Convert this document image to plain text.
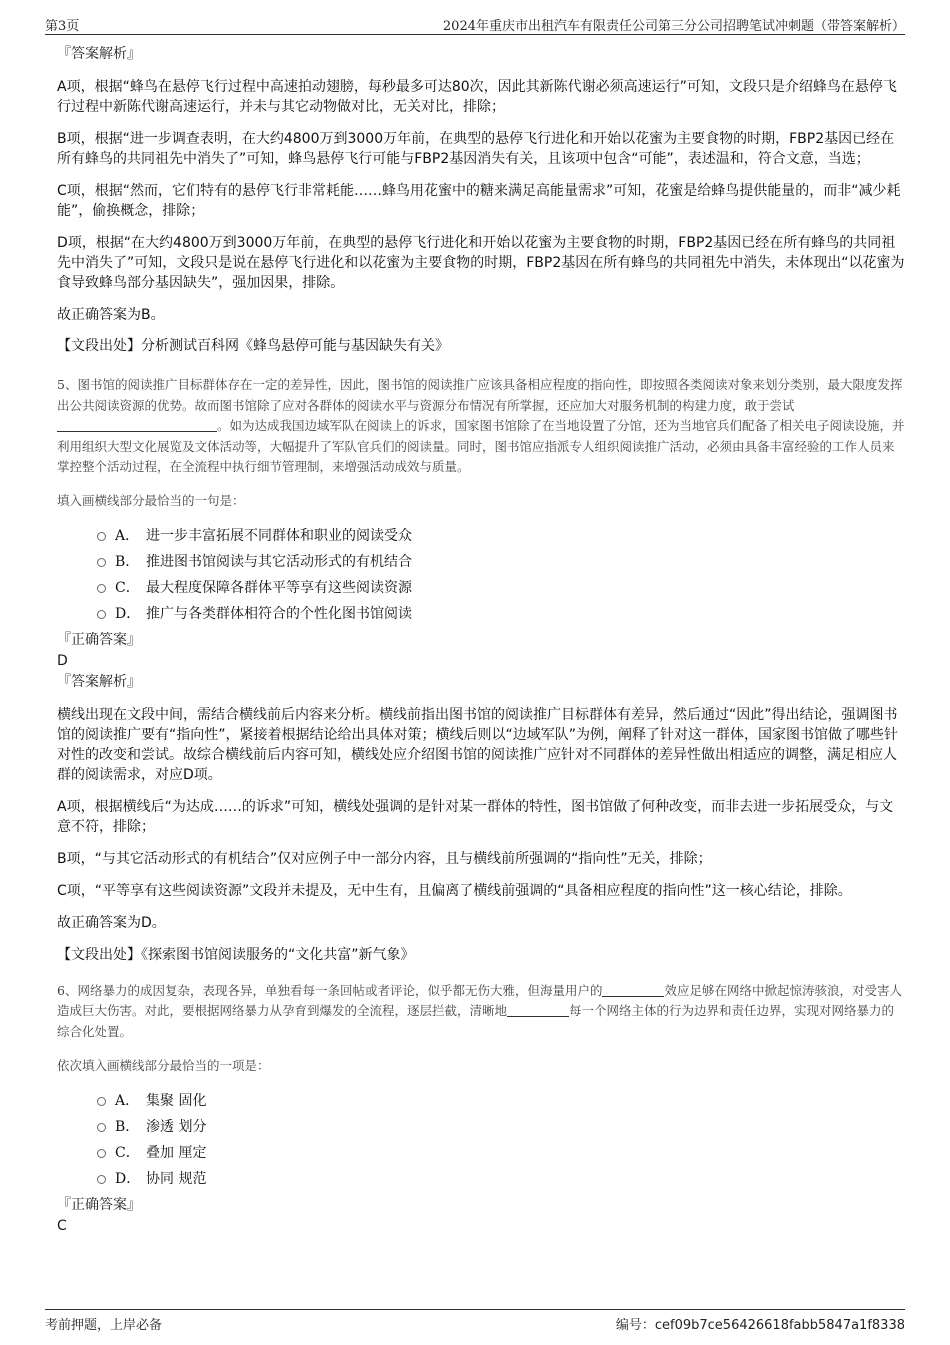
第3页	2024年重庆市出租汽车有限责任公司第三分公司招聘笔试冲刺题（带答案解析）

『答案解析』

A项，根据“蜂鸟在悬停飞行过程中高速拍动翅膀，每秒最多可达80次，因此其新陈代谢必须高速运行”可知，文段只是介绍蜂鸟在悬停飞行过程中新陈代谢高速运行，并未与其它动物做对比，无关对比，排除；

B项，根据“进一步调查表明，在大约4800万到3000万年前，在典型的悬停飞行进化和开始以花蜜为主要食物的时期，FBP2基因已经在所有蜂鸟的共同祖先中消失了”可知，蜂鸟悬停飞行可能与FBP2基因消失有关，且该项中包含“可能”，表述温和，符合文意，当选；

C项，根据“然而，它们特有的悬停飞行非常耗能……蜂鸟用花蜜中的糖来满足高能量需求”可知，花蜜是给蜂鸟提供能量的，而非“减少耗能”，偷换概念，排除；

D项，根据“在大约4800万到3000万年前，在典型的悬停飞行进化和开始以花蜜为主要食物的时期，FBP2基因已经在所有蜂鸟的共同祖先中消失了”可知，文段只是说在悬停飞行进化和以花蜜为主要食物的时期，FBP2基因在所有蜂鸟的共同祖先中消失，未体现出“以花蜜为食导致蜂鸟部分基因缺失”，强加因果，排除。

故正确答案为B。

【文段出处】分析测试百科网《蜂鸟悬停可能与基因缺失有关》

5、图书馆的阅读推广目标群体存在一定的差异性，因此，图书馆的阅读推广应该具备相应程度的指向性，即按照各类阅读对象来划分类别，最大限度发挥出公共阅读资源的优势。故而图书馆除了应对各群体的阅读水平与资源分布情况有所掌握，还应加大对服务机制的构建力度，敢于尝试。如为达成我国边域军队在阅读上的诉求，国家图书馆除了在当地设置了分馆，还为当地官兵们配备了相关电子阅读设施，并利用组织大型文化展览及文体活动等，大幅提升了军队官兵们的阅读量。同时，图书馆应指派专人组织阅读推广活动，必须由具备丰富经验的工作人员来掌控整个活动过程，在全流程中执行细节管理制，来增强活动成效与质量。

填入画横线部分最恰当的一句是：

A． 进一步丰富拓展不同群体和职业的阅读受众
B． 推进图书馆阅读与其它活动形式的有机结合
C． 最大程度保障各群体平等享有这些阅读资源
D． 推广与各类群体相符合的个性化图书馆阅读

『正确答案』

D

『答案解析』

横线出现在文段中间，需结合横线前后内容来分析。横线前指出图书馆的阅读推广目标群体有差异，然后通过“因此”得出结论，强调图书馆的阅读推广要有“指向性”，紧接着根据结论给出具体对策；横线后则以“边域军队”为例，阐释了针对这一群体，国家图书馆做了哪些针对性的改变和尝试。故综合横线前后内容可知，横线处应介绍图书馆的阅读推广应针对不同群体的差异性做出相适应的调整，满足相应人群的阅读需求，对应D项。

A项，根据横线后“为达成……的诉求”可知，横线处强调的是针对某一群体的特性，图书馆做了何种改变，而非去进一步拓展受众，与文意不符，排除；

B项，“与其它活动形式的有机结合”仅对应例子中一部分内容，且与横线前所强调的“指向性”无关，排除；

C项，“平等享有这些阅读资源”文段并未提及，无中生有，且偏离了横线前强调的“具备相应程度的指向性”这一核心结论，排除。

故正确答案为D。

【文段出处】《探索图书馆阅读服务的“文化共富”新气象》

6、网络暴力的成因复杂，表现各异，单独看每一条回帖或者评论，似乎都无伤大雅，但海量用户的	效应足够在网络中掀起惊涛骇浪，对受害人造成巨大伤害。对此，要根据网络暴力从孕育到爆发的全流程，逐层拦截，清晰地	每一个网络主体的行为边界和责任边界，实现对网络暴力的综合化处置。

依次填入画横线部分最恰当的一项是：

A． 集聚 固化
B． 渗透 划分
C． 叠加 厘定
D． 协同 规范

『正确答案』

C

考前押题，上岸必备	编号：cef09b7ce56426618fabb5847a1f8338
